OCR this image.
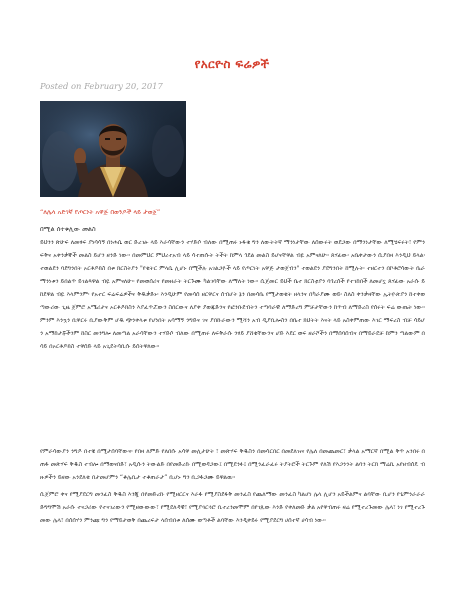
የአርዮስ ፍሬዎች
Posted on February 20, 2017
“ለሌላ አድገኛ የጦርነት አዋጅ በወንዶች ላይ ታወጀ”
በሚል ሰተቁሊው መልስ
ይህንን ጽሁፍ ለመፃፍ ያነሳሳኝ በነሐሴ ወር ድረገፁ ላይ እራሳቸውን ተሃድሶ ብለው በሚጠሩ ኑፋቄ ግን ለውትትኛ ማንነታቸው ለሰውሩት ወደጋው በማንነታቸው ለሚሄፍሩት፣ የምንፍቅና አቀንቃኞች መልስ ይሆን ዘንድ ነው፡፡ በመምህር ምህረተአብ ላይ ሳተጠሱት ትችት ከምላ ጎደል መልስ ይሆናቸዋል ብዬ አምናለሁ። ጸሃፊው፡ አቤቀታውን ሲያበዛ እንዲህ ይላል፡ ተወልደን ባደግንበት ኦርቶዶክስ በቱ ክርስትያን "የቁትር ምላሴ ሊሆኑ በሚችሉ አገልጋዮች ላይ የጦርነት አዋጅ ታወጀብን" ተወልደን ያደግንበት ከሚሉት፡ ተዘርተን በኮቶሮሳውት ቤራ ማንነቱን ይበልጥ ይገልጻዋል ብዬ አምናለሁ። የመወሰሪና የመዘራት ትርጉሙ ካልገባቸው ለማለት ነው። ሲጀመር ይህች ቤተ ክርስቲያን ባጎረሰች የተገከበች ለመሆኗ ጸሃፊው አራሱ ይከደዋል ብዬ እላምንም፡ የአተር ፍሬፍሬዎችና ቅዱቃድኑ፡ እንዲሁም የመሳሰ ዘርዋርና ሰብሆት ኔን በመሳቤ የሚታወቁት ዘላንና በካራያሙ ወይ፡ ስለስ ቀንቃዛቸው ኢትዮጵያን ከተቀወጣውሪው ጊዜ ጀምሮ አሜሪታና ኦርቶዶክስን እያፈጥሯውን ስበርውና ለያቀ ያወጁድንና የፎንቡደብትን ተጣባራዊ ለማድረግ ምቻታቸውን ከጥብ ለማድረስ የሰሩት ፍሬ ውጤት ነው። ምንም እንኳን ቢዋርሩ ቢያውቅም ሆዱ ጭንቀላቱ የሆነበት አሳማኝ ንግድና ገና ያበኩራውን ሚሻን አብ ዲያቢሎስን በቤተ ክህትት እናት ላይ አስቀምጠው እገር ማፍረስ ብቻ ሳይሆን አማከታቾችንም ከስር መንግሎ ለመጣል አራሳቸውን ተሃድሶ ብለው በሚጠሩ ለፍቅራሱ ንፃይ ያሸቁቸውንና ሆድ እደር ወፍ ዘራሾችን በማሰባሰብና በማይራደቻ ከምን ጣልውም በሳይ በኦርቶዶክስ ተዋሰድ ላይ አጊደትሳቢሱ ይሰትዋለው።
የምራሳውያን ንግዶ በተዌ በሚታሰባቸውና፡ የበዛ ለምድ የለበሱ አሳዋ መሊታሁት ፣ መጽሃፍ ቅዱስን በመሳርበር በመደለዝና የሌለ በመጨመር፣ ቃላል አማርኛ በሚል ቅጥ አንበሩ በጠፋ መጽሃፍ ቅዱስ ተብሎ በማወናበድ፣ አዲሱን ትውልድ በየመድረኩ በሚወዳጋው፤ በሚደንፉ፤ በሚንፈራፈሩ ትያትሮች ትርጉም የለሽ የእጋንንት ልባን ትርክ ማሬኪ አየዘብሰዴ ብዙዎችን ይዘው አንደለቁ በታመሆምን “ቆሌቢታ ተቆጠራታ” ቢሆኑ ግን ቢጋፋጋሙ ይዋልዉ።
ሲጀምሮ ቀና የሚያደርግ መንፈስ ቅዱስ እንጂ በየመድረኩ የሚዘርርና እራፋ የሚያስደፋቅ መንፈስ የጨለማው መንፈስ ካልሆነ ሌላ ሊሆን አይችልምና ልባቸው ቢሆን የጌምንራራራ ድግግሞሽ አራሱ ተናጋሪው የተናገረውን የሚዘውውው፣ የሚደለዳዊ፣ የሚያጓርጓሮ ቢተረንመሞም በየገጹው እንድ የቀለመድ ቃል አየዋብጠሩ ዛሬ የሚተረጉመው ሌላ፣ ነገ የሚተረጉመው ሌላ፣ በሰሰሃን ምንጩ ግን የማይታወቅ በጨረፍታ ላሰብበቱ ለሰሙ ወጣቶች ልባቸው እንዲቀይሩ የሚያደርግ ሀሰተኛ ሀሳብ ነው።
